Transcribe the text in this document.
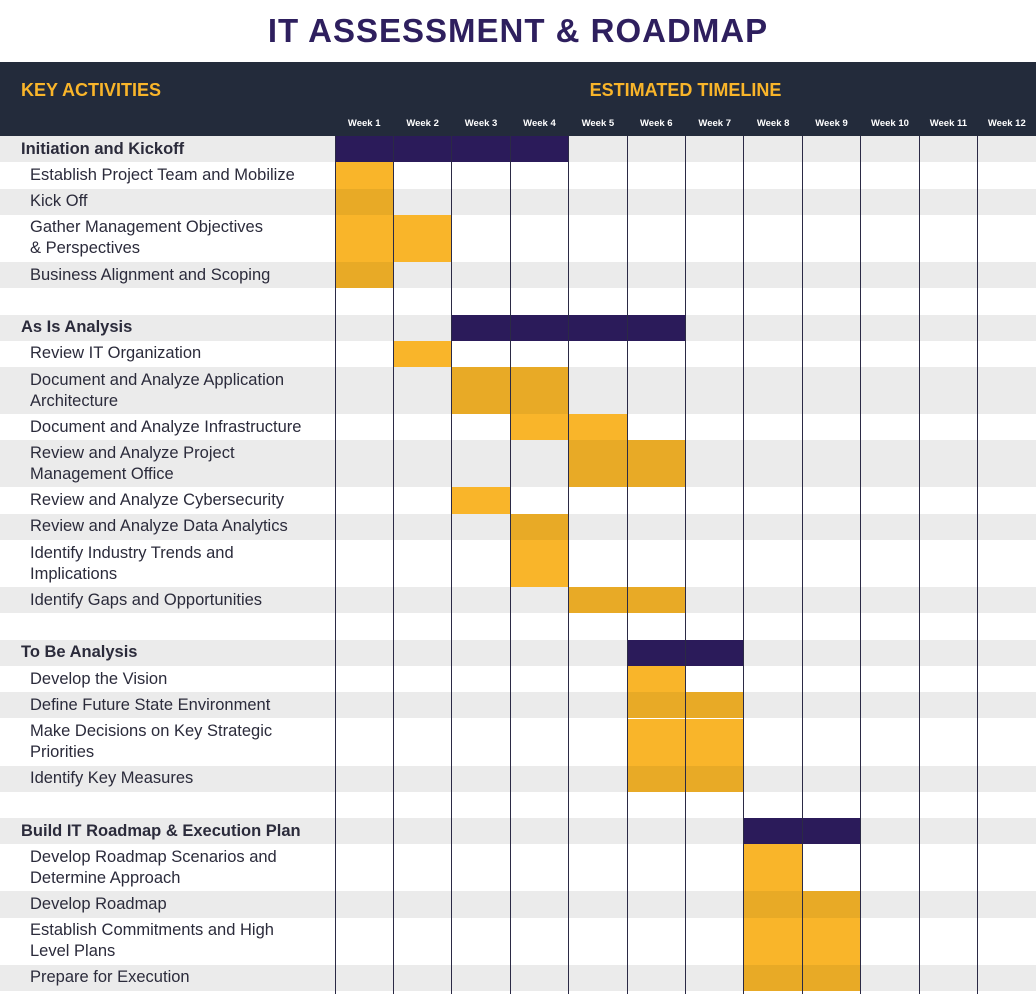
IT ASSESSMENT & ROADMAP
KEY ACTIVITIES	ESTIMATED TIMELINE
Week 1	Week 2	Week 3	Week 4	Week 5	Week 6	Week 7	Week 8	Week 9	Week 10	Week 11	Week 12
Initiation and Kickoff
Establish Project Team and Mobilize
Kick Off
Gather Management Objectives
& Perspectives
Business Alignment and Scoping
As Is Analysis
Review IT Organization
Document and Analyze Application
Architecture
Document and Analyze Infrastructure
Review and Analyze Project
Management Office
Review and Analyze Cybersecurity
Review and Analyze Data Analytics
Identify Industry Trends and
Implications
Identify Gaps and Opportunities
To Be Analysis
Develop the Vision
Define Future State Environment
Make Decisions on Key Strategic
Priorities
Identify Key Measures
Build IT Roadmap & Execution Plan
Develop Roadmap Scenarios and
Determine Approach
Develop Roadmap
Establish Commitments and High
Level Plans
Prepare for Execution
